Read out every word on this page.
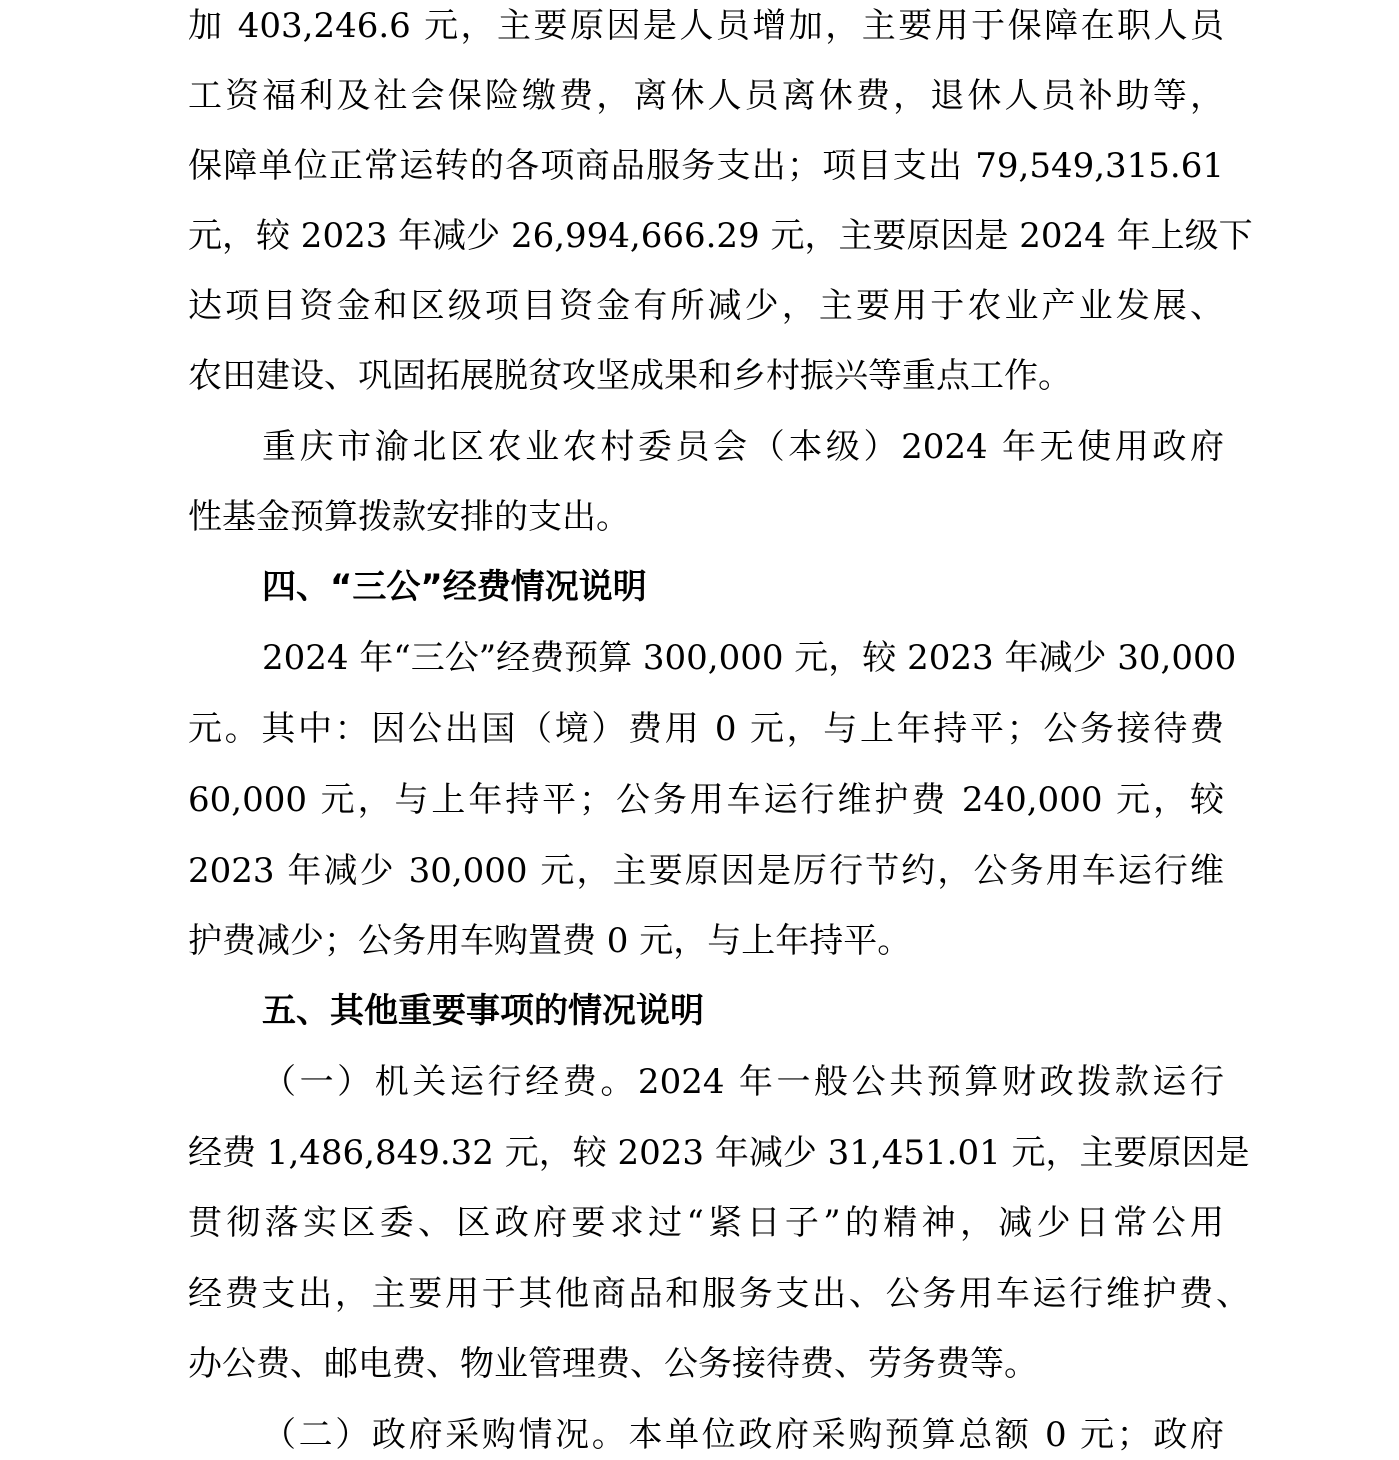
加 403,246.6 元，主要原因是人员增加，主要用于保障在职人员
工资福利及社会保险缴费，离休人员离休费，退休人员补助等，
保障单位正常运转的各项商品服务支出；项目支出 79,549,315.61
元，较 2023 年减少 26,994,666.29 元，主要原因是 2024 年上级下
达项目资金和区级项目资金有所减少，主要用于农业产业发展、
农田建设、巩固拓展脱贫攻坚成果和乡村振兴等重点工作。
重庆市渝北区农业农村委员会（本级）2024 年无使用政府
性基金预算拨款安排的支出。
四、“三公”经费情况说明
2024 年“三公”经费预算 300,000 元，较 2023 年减少 30,000
元。其中：因公出国（境）费用 0 元，与上年持平；公务接待费
60,000 元，与上年持平；公务用车运行维护费 240,000 元，较
2023 年减少 30,000 元，主要原因是厉行节约，公务用车运行维
护费减少；公务用车购置费 0 元，与上年持平。
五、其他重要事项的情况说明
（一）机关运行经费。2024 年一般公共预算财政拨款运行
经费 1,486,849.32 元，较 2023 年减少 31,451.01 元，主要原因是
贯彻落实区委、区政府要求过“紧日子”的精神，减少日常公用
经费支出，主要用于其他商品和服务支出、公务用车运行维护费、
办公费、邮电费、物业管理费、公务接待费、劳务费等。
（二）政府采购情况。本单位政府采购预算总额 0 元；政府
